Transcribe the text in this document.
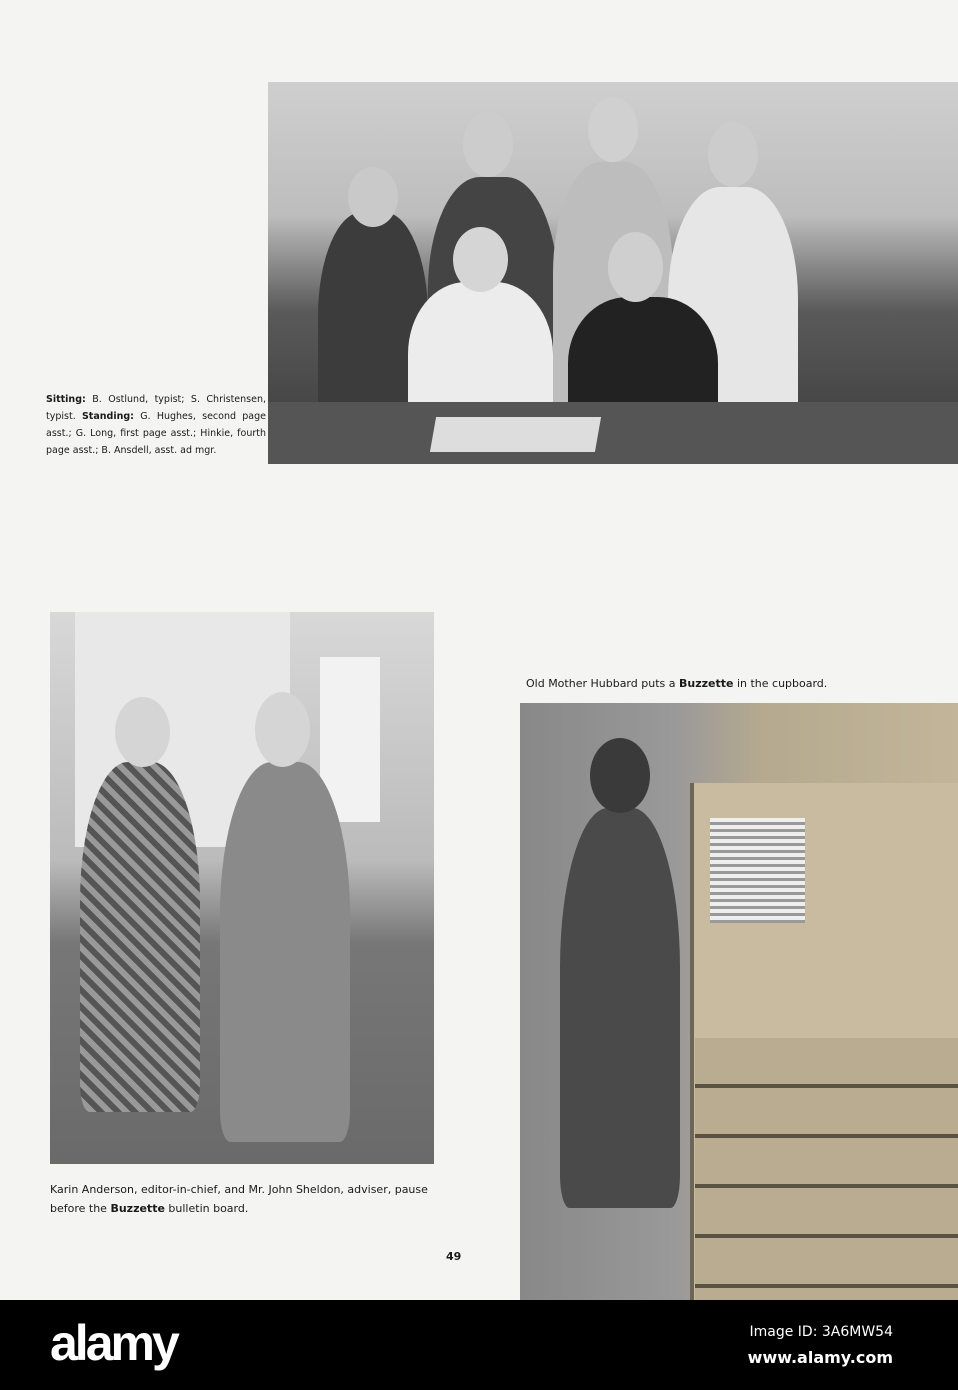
Sitting: B. Ostlund, typist; S. Christensen, typist. Standing: G. Hughes, second page asst.; G. Long, first page asst.; Hinkie, fourth page asst.; B. Ansdell, asst. ad mgr.
Karin Anderson, editor-in-chief, and Mr. John Sheldon, adviser, pause before the Buzzette bulletin board.
Old Mother Hubbard puts a Buzzette in the cupboard.
49
alamy	Image ID: 3A6MW54
www.alamy.com
